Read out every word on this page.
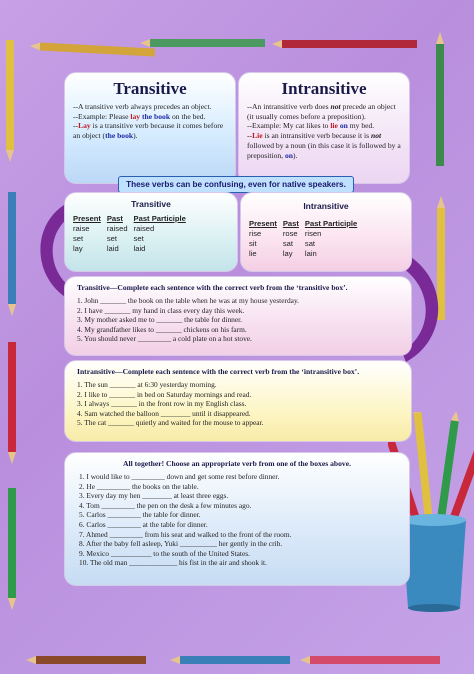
Transitive

--A transitive verb always precedes an object.
--Example: Please lay the book on the bed.
--Lay is a transitive verb because it comes before an object (the book).

Intransitive

--An intransitive verb does not precede an object (it usually comes before a preposition).
--Example: My cat likes to lie on my bed.
--Lie is an intransitive verb because it is not followed by a noun (in this case it is followed by a preposition, on).
These verbs can be confusing, even for native speakers.
Transitive
Present	Past	Past Participle
raise	raised	raised
set	set	set
lay	laid	laid
Intransitive
Present	Past	Past Participle
rise	rose	risen
sit	sat	sat
lie	lay	lain
Transitive—Complete each sentence with the correct verb from the ‘transitive box’.
1. John _______ the book on the table when he was at my house yesterday.
2. I have _______ my hand in class every day this week.
3. My mother asked me to _______ the table for dinner.
4. My grandfather likes to _______ chickens on his farm.
5. You should never _________ a cold plate on a hot stove.
Intransitive—Complete each sentence with the correct verb from the ‘intransitive box’.
1. The sun _______ at 6:30 yesterday morning.
2. I like to _______ in bed on Saturday mornings and read.
3. I always _______ in the front row in my English class.
4. Sam watched the balloon ________ until it disappeared.
5. The cat _______ quietly and waited for the mouse to appear.
All together! Choose an appropriate verb from one of the boxes above.
1. I would like to _________ down and get some rest before dinner.
2. He _________ the books on the table.
3. Every day my hen ________ at least three eggs.
4. Tom _________ the pen on the desk a few minutes ago.
5. Carlos _________ the table for dinner.
6. Carlos _________ at the table for dinner.
7. Ahmed _________ from his seat and walked to the front of the room.
8. After the baby fell asleep, Yuki __________ her gently in the crib.
9. Mexico ___________ to the south of the United States.
10. The old man _____________ his fist in the air and shook it.
